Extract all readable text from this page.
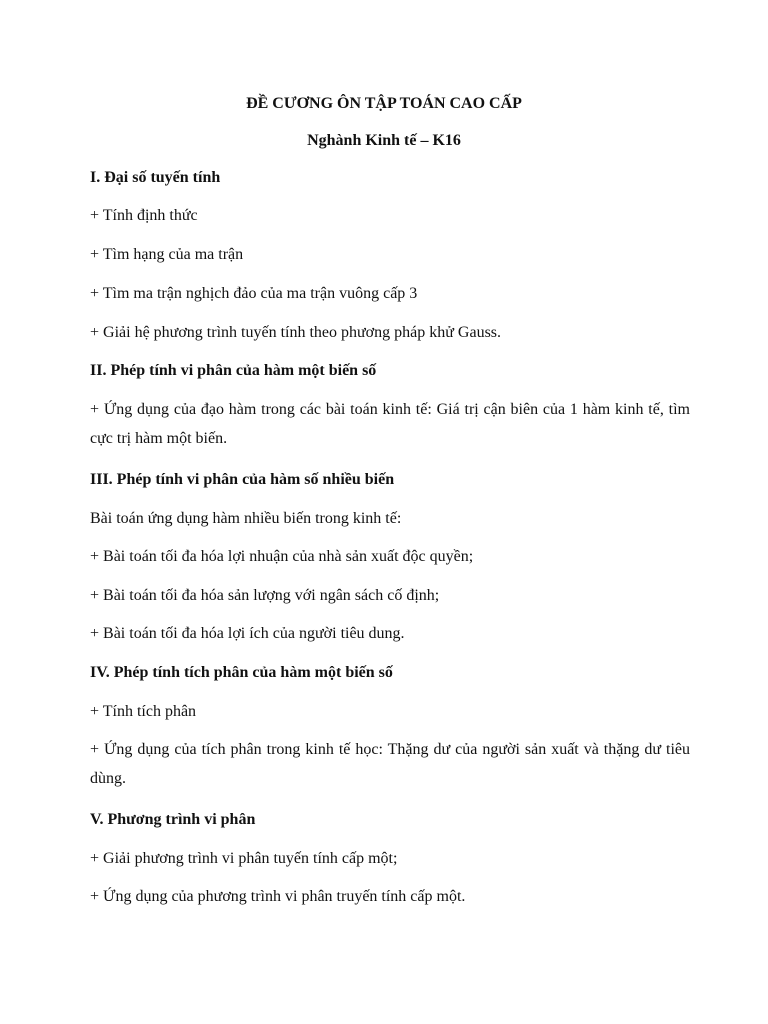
ĐỀ CƯƠNG ÔN TẬP TOÁN CAO CẤP
Nghành Kinh tế – K16
I. Đại số tuyến tính
+ Tính định thức
+ Tìm hạng của ma trận
+ Tìm ma trận nghịch đảo của ma trận vuông cấp 3
+ Giải hệ phương trình tuyến tính theo phương pháp khử Gauss.
II. Phép tính vi phân của hàm một biến số
+ Ứng dụng của đạo hàm trong các bài toán kinh tế: Giá trị cận biên của 1 hàm kinh tế, tìm cực trị hàm một biến.
III. Phép tính vi phân của hàm số nhiều biến
Bài toán ứng dụng hàm nhiều biến trong kinh tế:
+ Bài toán tối đa hóa lợi nhuận của nhà sản xuất độc quyền;
+ Bài toán tối đa hóa sản lượng với ngân sách cố định;
+ Bài toán tối đa hóa lợi ích của người tiêu dung.
IV. Phép tính tích phân của hàm một biến số
+ Tính tích phân
+ Ứng dụng của tích phân trong kinh tế học: Thặng dư của người sản xuất và thặng dư tiêu dùng.
V. Phương trình vi phân
+ Giải phương trình vi phân tuyến tính cấp một;
+ Ứng dụng của phương trình vi phân truyến tính cấp một.
